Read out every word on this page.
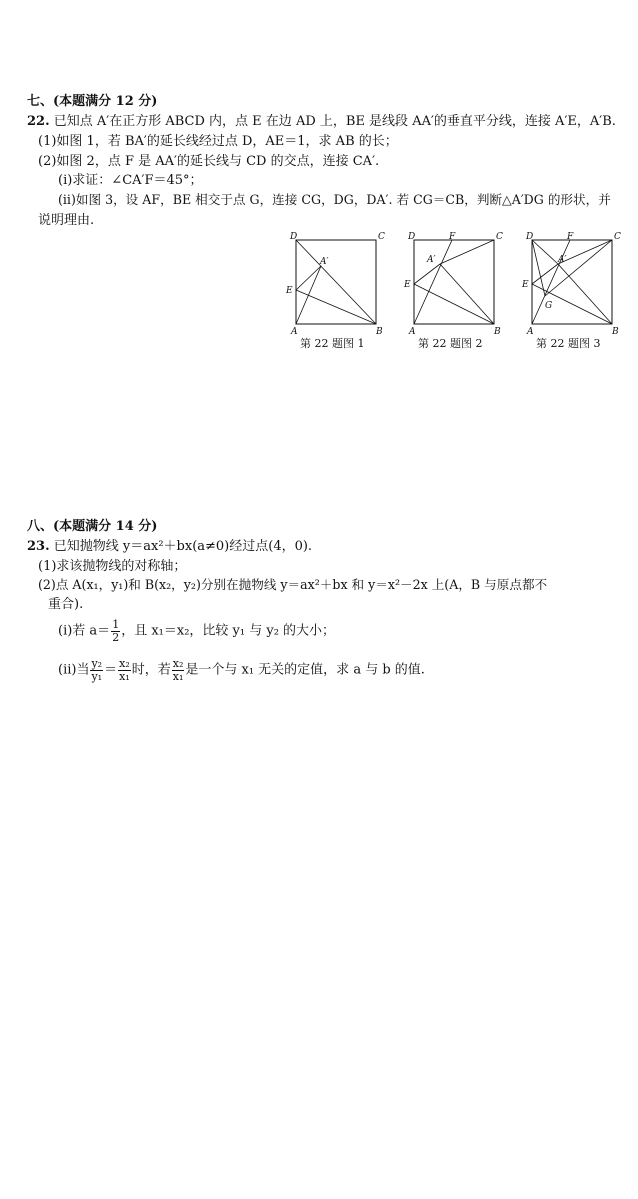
七、(本题满分 12 分)
22. 已知点 A′在正方形 ABCD 内，点 E 在边 AD 上，BE 是线段 AA′的垂直平分线，连接 A′E，A′B.
(1)如图 1，若 BA′的延长线经过点 D，AE＝1，求 AB 的长；
(2)如图 2，点 F 是 AA′的延长线与 CD 的交点，连接 CA′.
(ⅰ)求证：∠CA′F＝45°；
(ⅱ)如图 3，设 AF，BE 相交于点 G，连接 CG，DG，DA′. 若 CG＝CB，判断△A′DG 的形状，并
说明理由.
D	C
A′
E
A	B
第 22 题图 1
D	F	C
A′
E
A	B
第 22 题图 2
D	F	C
A′
E
G
A	B
第 22 题图 3
八、(本题满分 14 分)
23. 已知抛物线 y＝ax²＋bx(a≠0)经过点(4，0).
(1)求该抛物线的对称轴；
(2)点 A(x₁，y₁)和 B(x₂，y₂)分别在抛物线 y＝ax²＋bx 和 y＝x²－2x 上(A，B 与原点都不
重合).
(ⅰ)若 $a= \frac{1}{2}$ ，且 x₁＝x₂，比较 y₁ 与 y₂ 的大小；
(ⅱ)当 $\frac{\text{y₂}}{\text{y₁}} = \frac{\text{x₂}}{\text{x₁}}$ 时，若 $\frac{\text{x₂}}{\text{x₁}}$ 是一个与 x₁ 无关的定值，求 a 与 b 的值.
